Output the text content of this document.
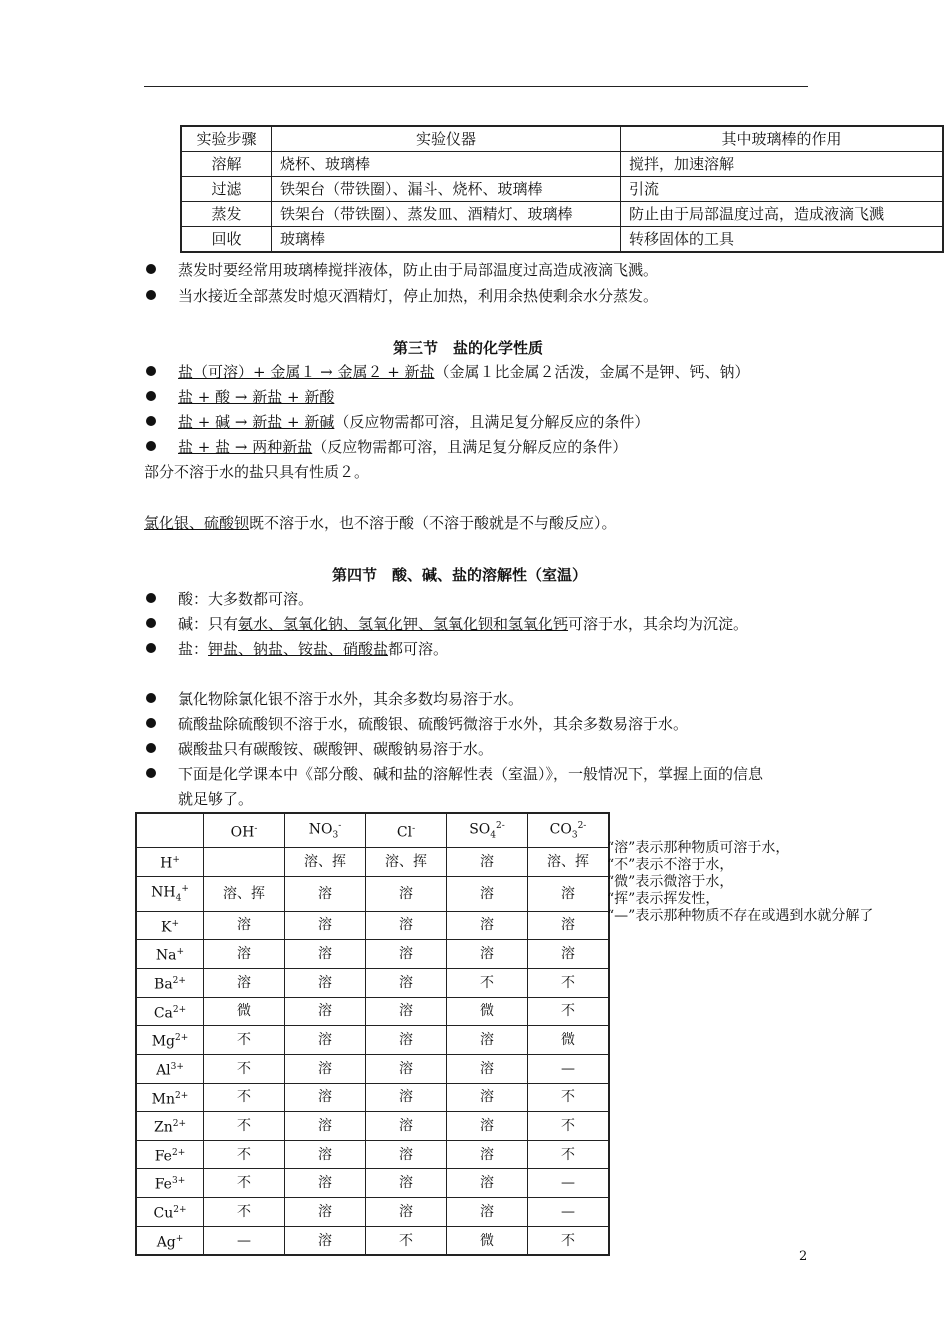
实验步骤	实验仪器	其中玻璃棒的作用
溶解	烧杯、玻璃棒	搅拌，加速溶解
过滤	铁架台（带铁圈）、漏斗、烧杯、玻璃棒	引流
蒸发	铁架台（带铁圈）、蒸发皿、酒精灯、玻璃棒	防止由于局部温度过高，造成液滴飞溅
回收	玻璃棒	转移固体的工具
蒸发时要经常用玻璃棒搅拌液体，防止由于局部温度过高造成液滴飞溅。
当水接近全部蒸发时熄灭酒精灯，停止加热，利用余热使剩余水分蒸发。
第三节　盐的化学性质
盐（可溶）+ 金属１ → 金属２ + 新盐（金属１比金属２活泼，金属不是钾、钙、钠）
盐 + 酸 → 新盐 + 新酸
盐 + 碱 → 新盐 + 新碱（反应物需都可溶，且满足复分解反应的条件）
盐 + 盐 → 两种新盐（反应物需都可溶，且满足复分解反应的条件）
部分不溶于水的盐只具有性质２。
氯化银、硫酸钡既不溶于水，也不溶于酸（不溶于酸就是不与酸反应）。
第四节　酸、碱、盐的溶解性（室温）
酸：大多数都可溶。
碱：只有氨水、氢氧化钠、氢氧化钾、氢氧化钡和氢氧化钙可溶于水，其余均为沉淀。
盐：钾盐、钠盐、铵盐、硝酸盐都可溶。
氯化物除氯化银不溶于水外，其余多数均易溶于水。
硫酸盐除硫酸钡不溶于水，硫酸银、硫酸钙微溶于水外，其余多数易溶于水。
碳酸盐只有碳酸铵、碳酸钾、碳酸钠易溶于水。
下面是化学课本中《部分酸、碱和盐的溶解性表（室温）》，一般情况下，掌握上面的信息
就足够了。
	OH-	$NO_3^-$	Cl-	$SO_4^{2-}$	$CO_3^{2-}$
H+		溶、挥	溶、挥	溶	溶、挥
$NH_4^+$	溶、挥	溶	溶	溶	溶
K+	溶	溶	溶	溶	溶
Na+	溶	溶	溶	溶	溶
$Ba^{2+}$	溶	溶	溶	不	不
$Ca^{2+}$	微	溶	溶	微	不
$Mg^{2+}$	不	溶	溶	溶	微
$Al^{3+}$	不	溶	溶	溶	—
$Mn^{2+}$	不	溶	溶	溶	不
$Zn^{2+}$	不	溶	溶	溶	不
$Fe^{2+}$	不	溶	溶	溶	不
$Fe^{3+}$	不	溶	溶	溶	—
$Cu^{2+}$	不	溶	溶	溶	—
Ag+	—	溶	不	微	不
“溶”表示那种物质可溶于水，
“不”表示不溶于水，
“微”表示微溶于水，
“挥”表示挥发性，
“—”表示那种物质不存在或遇到水就分解了
2
